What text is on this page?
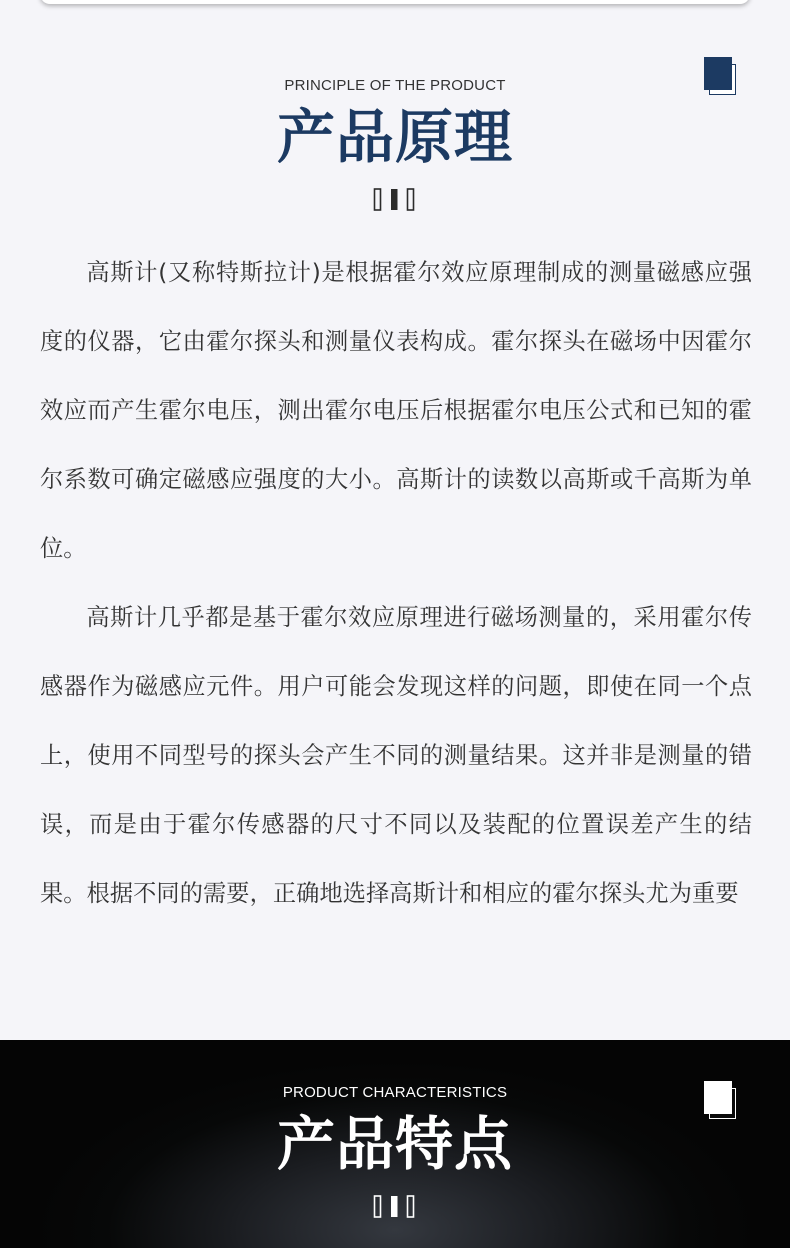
PRINCIPLE OF THE PRODUCT
产品原理

高斯计(又称特斯拉计)是根据霍尔效应原理制成的测量磁感应强度的仪器，它由霍尔探头和测量仪表构成。霍尔探头在磁场中因霍尔效应而产生霍尔电压，测出霍尔电压后根据霍尔电压公式和已知的霍尔系数可确定磁感应强度的大小。高斯计的读数以高斯或千高斯为单位。

高斯计几乎都是基于霍尔效应原理进行磁场测量的，采用霍尔传感器作为磁感应元件。用户可能会发现这样的问题，即使在同一个点上，使用不同型号的探头会产生不同的测量结果。这并非是测量的错误，而是由于霍尔传感器的尺寸不同以及装配的位置误差产生的结果。根据不同的需要，正确地选择高斯计和相应的霍尔探头尤为重要

PRODUCT CHARACTERISTICS
产品特点
